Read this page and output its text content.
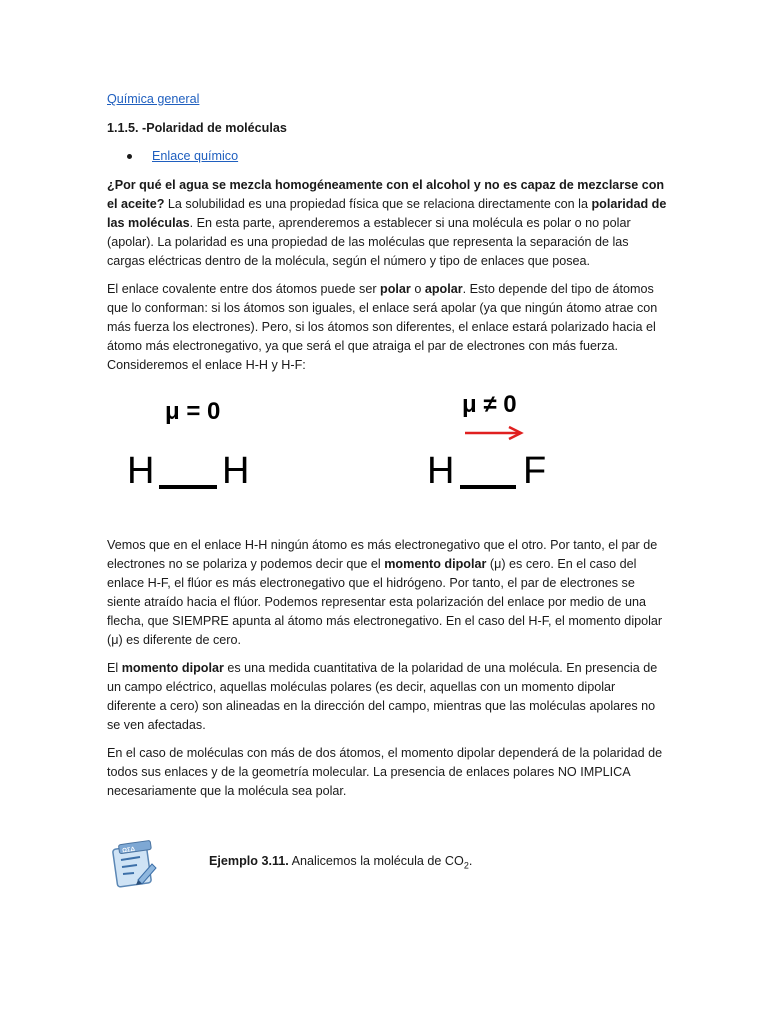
Química general
1.1.5. -Polaridad de moléculas
Enlace químico

¿Por qué el agua se mezcla homogéneamente con el alcohol y no es capaz de mezclarse con el aceite? La solubilidad es una propiedad física que se relaciona directamente con la polaridad de las moléculas. En esta parte, aprenderemos a establecer si una molécula es polar o no polar (apolar). La polaridad es una propiedad de las moléculas que representa la separación de las cargas eléctricas dentro de la molécula, según el número y tipo de enlaces que posea.

El enlace covalente entre dos átomos puede ser polar o apolar. Esto depende del tipo de átomos que lo conforman: si los átomos son iguales, el enlace será apolar (ya que ningún átomo atrae con más fuerza los electrones). Pero, si los átomos son diferentes, el enlace estará polarizado hacia el átomo más electronegativo, ya que será el que atraiga el par de electrones con más fuerza. Consideremos el enlace H-H y H-F:

μ = 0
H H
μ ≠ 0
H F

Vemos que en el enlace H-H ningún átomo es más electronegativo que el otro. Por tanto, el par de electrones no se polariza y podemos decir que el momento dipolar (μ) es cero. En el caso del enlace H-F, el flúor es más electronegativo que el hidrógeno. Por tanto, el par de electrones se siente atraído hacia el flúor. Podemos representar esta polarización del enlace por medio de una flecha, que SIEMPRE apunta al átomo más electronegativo. En el caso del H-F, el momento dipolar (μ) es diferente de cero.

El momento dipolar es una medida cuantitativa de la polaridad de una molécula. En presencia de un campo eléctrico, aquellas moléculas polares (es decir, aquellas con un momento dipolar diferente a cero) son alineadas en la dirección del campo, mientras que las moléculas apolares no se ven afectadas.

En el caso de moléculas con más de dos átomos, el momento dipolar dependerá de la polaridad de todos sus enlaces y de la geometría molecular. La presencia de enlaces polares NO IMPLICA necesariamente que la molécula sea polar.

ΩΣΔ
Ejemplo 3.11. Analicemos la molécula de $CO_2$.
